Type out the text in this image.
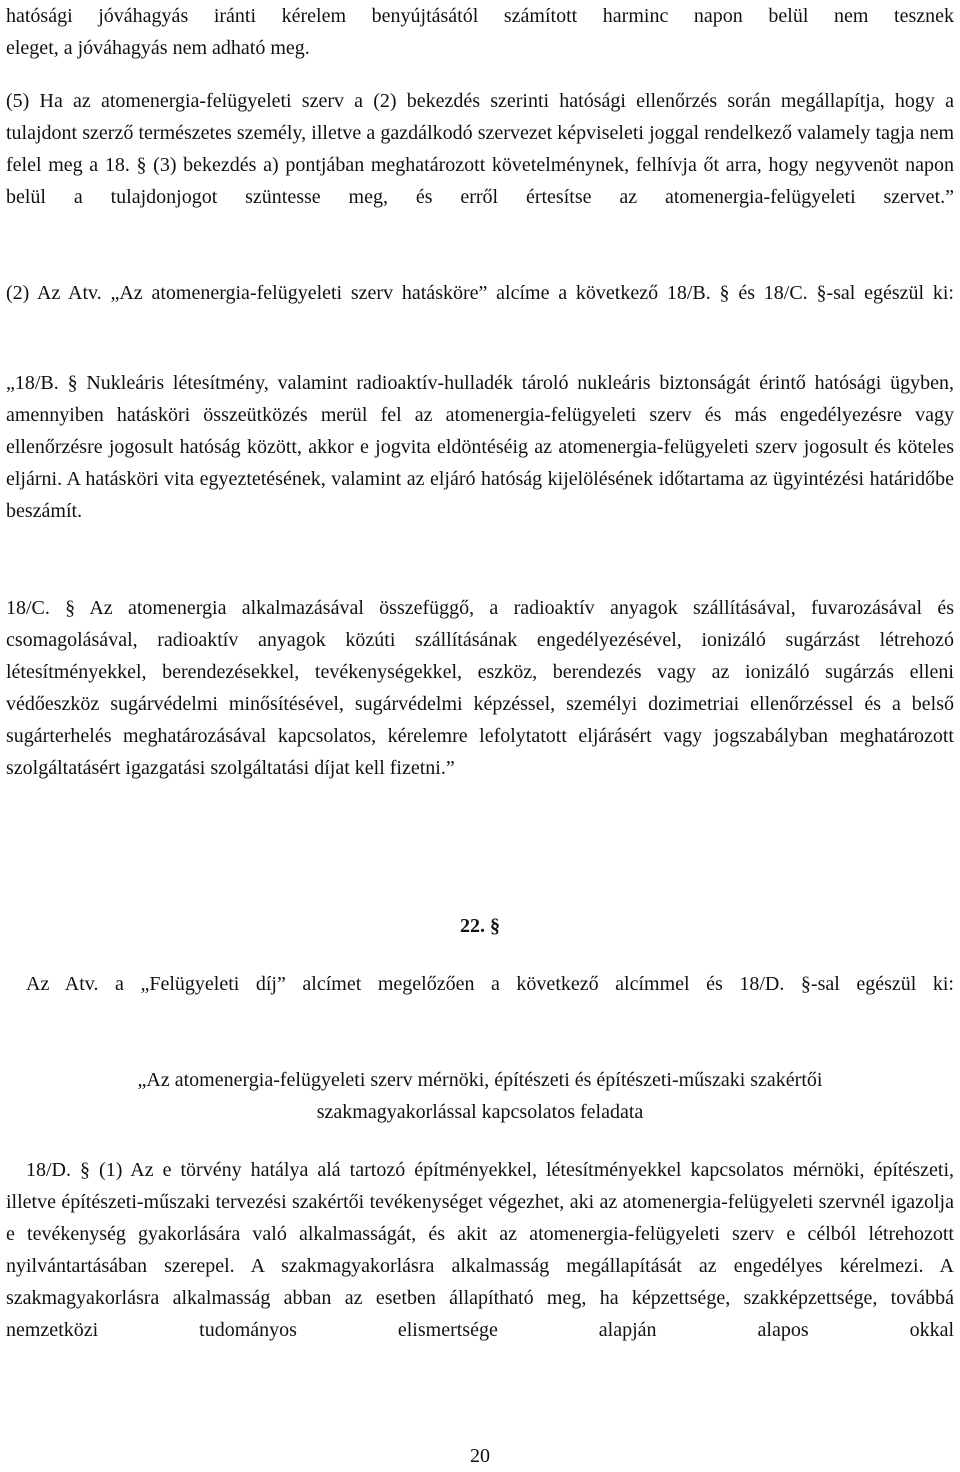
hatósági jóváhagyás iránti kérelem benyújtásától számított harminc napon belül nem tesznek
eleget, a jóváhagyás nem adható meg.

(5) Ha az atomenergia-felügyeleti szerv a (2) bekezdés szerinti hatósági ellenőrzés során megállapítja, hogy a tulajdont szerző természetes személy, illetve a gazdálkodó szervezet képviseleti joggal rendelkező valamely tagja nem felel meg a 18. § (3) bekezdés a) pontjában meghatározott követelménynek, felhívja őt arra, hogy negyvenöt napon belül a tulajdonjogot szüntesse meg, és erről értesítse az atomenergia-felügyeleti szervet.”

(2) Az Atv. „Az atomenergia-felügyeleti szerv hatásköre” alcíme a következő 18/B. § és 18/C. §-sal egészül ki:

„18/B. § Nukleáris létesítmény, valamint radioaktív-hulladék tároló nukleáris biztonságát érintő hatósági ügyben, amennyiben hatásköri összeütközés merül fel az atomenergia-felügyeleti szerv és más engedélyezésre vagy ellenőrzésre jogosult hatóság között, akkor e jogvita eldöntéséig az atomenergia-felügyeleti szerv jogosult és köteles eljárni. A hatásköri vita egyeztetésének, valamint az eljáró hatóság kijelölésének időtartama az ügyintézési határidőbe beszámít.

18/C. § Az atomenergia alkalmazásával összefüggő, a radioaktív anyagok szállításával, fuvarozásával és csomagolásával, radioaktív anyagok közúti szállításának engedélyezésével, ionizáló sugárzást létrehozó létesítményekkel, berendezésekkel, tevékenységekkel, eszköz, berendezés vagy az ionizáló sugárzás elleni védőeszköz sugárvédelmi minősítésével, sugárvédelmi képzéssel, személyi dozimetriai ellenőrzéssel és a belső sugárterhelés meghatározásával kapcsolatos, kérelemre lefolytatott eljárásért vagy jogszabályban meghatározott szolgáltatásért igazgatási szolgáltatási díjat kell fizetni.”

22. §

Az Atv. a „Felügyeleti díj” alcímet megelőzően a következő alcímmel és 18/D. §-sal egészül ki:

„Az atomenergia-felügyeleti szerv mérnöki, építészeti és építészeti-műszaki szakértői
szakmagyakorlással kapcsolatos feladata

18/D. § (1) Az e törvény hatálya alá tartozó építményekkel, létesítményekkel kapcsolatos mérnöki, építészeti, illetve építészeti-műszaki tervezési szakértői tevékenységet végezhet, aki az atomenergia-felügyeleti szervnél igazolja e tevékenység gyakorlására való alkalmasságát, és akit az atomenergia-felügyeleti szerv e célból létrehozott nyilvántartásában szerepel. A szakmagyakorlásra alkalmasság megállapítását az engedélyes kérelmezi. A szakmagyakorlásra alkalmasság abban az esetben állapítható meg, ha képzettsége, szakképzettsége, továbbá nemzetközi tudományos elismertsége alapján alapos okkal

20
